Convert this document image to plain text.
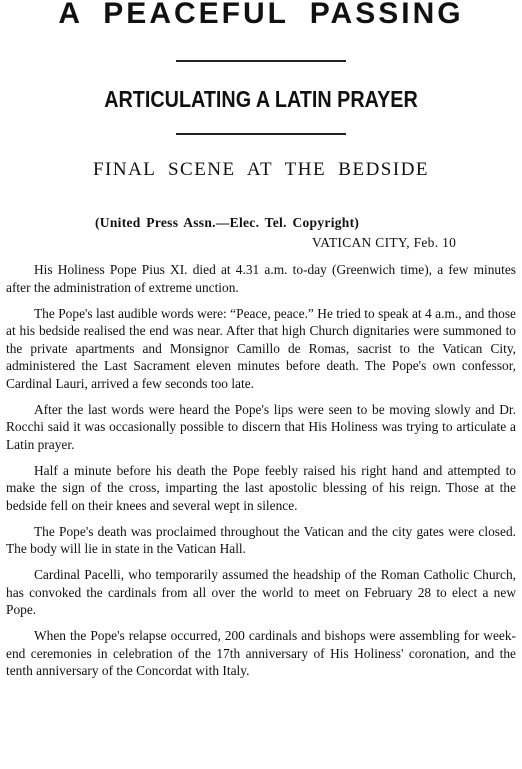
A PEACEFUL PASSING
ARTICULATING A LATIN PRAYER
FINAL SCENE AT THE BEDSIDE
(United Press Assn.—Elec. Tel. Copyright)
VATICAN CITY, Feb. 10

His Holiness Pope Pius XI. died at 4.31 a.m. to-day (Greenwich time), a few minutes after the administration of extreme unction.

The Pope's last audible words were: “Peace, peace.” He tried to speak at 4 a.m., and those at his bedside realised the end was near. After that high Church dignitaries were summoned to the private apartments and Monsignor Camillo de Romas, sacrist to the Vatican City, administered the Last Sacrament eleven minutes before death. The Pope's own confessor, Cardinal Lauri, arrived a few seconds too late.

After the last words were heard the Pope's lips were seen to be moving slowly and Dr. Rocchi said it was occasionally possible to discern that His Holiness was trying to articulate a Latin prayer.

Half a minute before his death the Pope feebly raised his right hand and attempted to make the sign of the cross, imparting the last apostolic blessing of his reign. Those at the bedside fell on their knees and several wept in silence.

The Pope's death was proclaimed throughout the Vatican and the city gates were closed. The body will lie in state in the Vatican Hall.

Cardinal Pacelli, who temporarily assumed the headship of the Roman Catholic Church, has convoked the cardinals from all over the world to meet on February 28 to elect a new Pope.

When the Pope's relapse occurred, 200 cardinals and bishops were assembling for week-end ceremonies in celebration of the 17th anniversary of His Holiness' coronation, and the tenth anniversary of the Concordat with Italy.
